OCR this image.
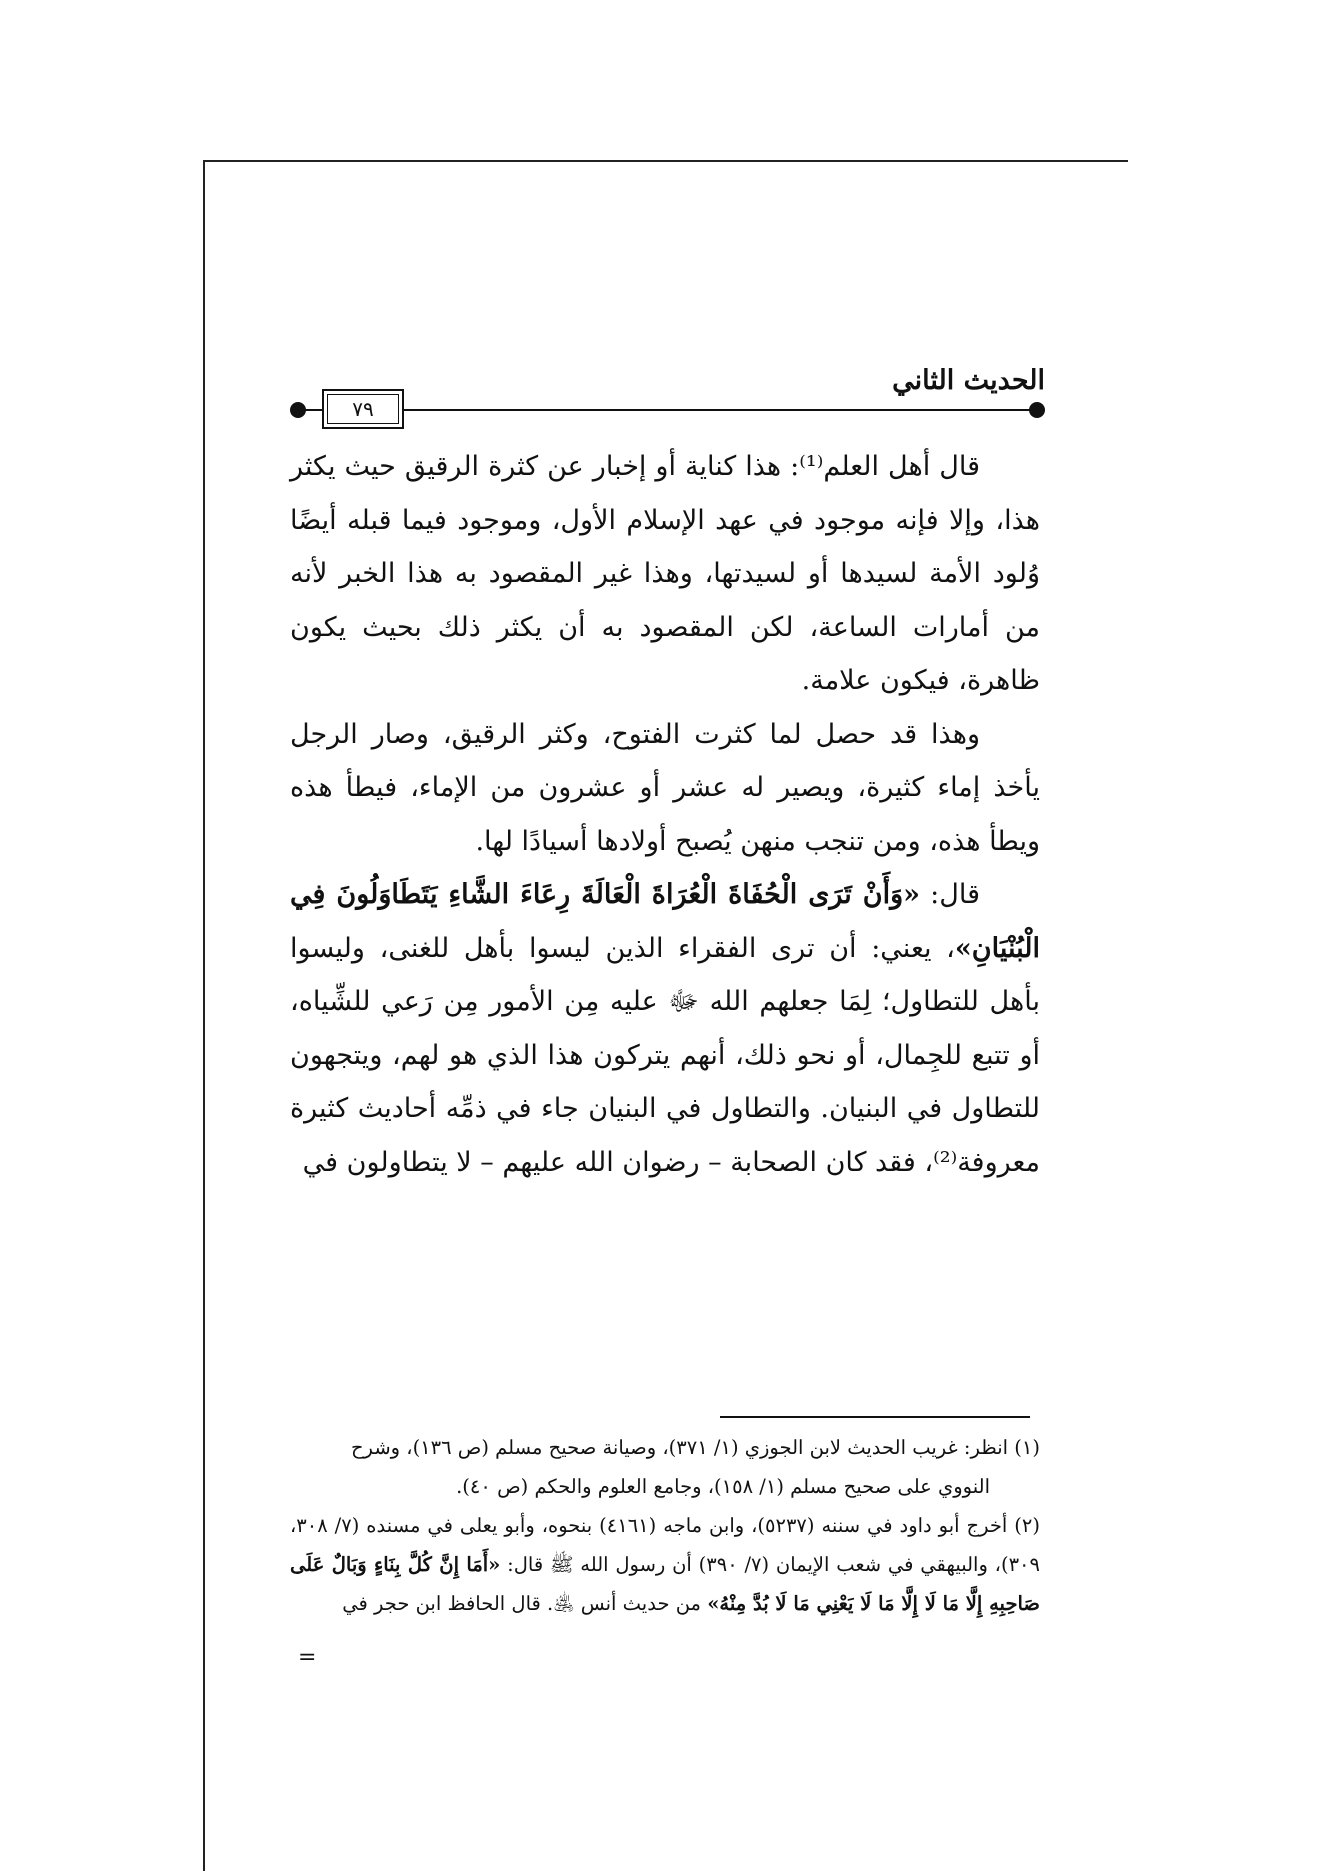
الحديث الثاني
٧٩

قال أهل العلم⁽¹⁾: هذا كناية أو إخبار عن كثرة الرقيق حيث يكثر هذا، وإلا فإنه موجود في عهد الإسلام الأول، وموجود فيما قبله أيضًا وُلود الأمة لسيدها أو لسيدتها، وهذا غير المقصود به هذا الخبر لأنه من أمارات الساعة، لكن المقصود به أن يكثر ذلك بحيث يكون ظاهرة، فيكون علامة.

وهذا قد حصل لما كثرت الفتوح، وكثر الرقيق، وصار الرجل يأخذ إماء كثيرة، ويصير له عشر أو عشرون من الإماء، فيطأ هذه ويطأ هذه، ومن تنجب منهن يُصبح أولادها أسيادًا لها.

قال: «وَأَنْ تَرَى الْحُفَاةَ الْعُرَاةَ الْعَالَةَ رِعَاءَ الشَّاءِ يَتَطَاوَلُونَ فِي الْبُنْيَانِ»، يعني: أن ترى الفقراء الذين ليسوا بأهل للغنى، وليسوا بأهل للتطاول؛ لِمَا جعلهم الله ﷻ عليه مِن الأمور مِن رَعي للشِّياه، أو تتبع للجِمال، أو نحو ذلك، أنهم يتركون هذا الذي هو لهم، ويتجهون للتطاول في البنيان. والتطاول في البنيان جاء في ذمِّه أحاديث كثيرة معروفة⁽²⁾، فقد كان الصحابة – رضوان الله عليهم – لا يتطاولون في

(١) انظر: غريب الحديث لابن الجوزي (١/ ٣٧١)، وصيانة صحيح مسلم (ص ١٣٦)، وشرح

النووي على صحيح مسلم (١/ ١٥٨)، وجامع العلوم والحكم (ص ٤٠).

(٢) أخرج أبو داود في سننه (٥٢٣٧)، وابن ماجه (٤١٦١) بنحوه، وأبو يعلى في مسنده (٧/ ٣٠٨، ٣٠٩)، والبيهقي في شعب الإيمان (٧/ ٣٩٠) أن رسول الله ﷺ قال: «أَمَا إِنَّ كُلَّ بِنَاءٍ وَبَالٌ عَلَى صَاحِبِهِ إِلَّا مَا لَا إِلَّا مَا لَا يَعْنِي مَا لَا بُدَّ مِنْهُ» من حديث أنس ﵁. قال الحافظ ابن حجر في

=
